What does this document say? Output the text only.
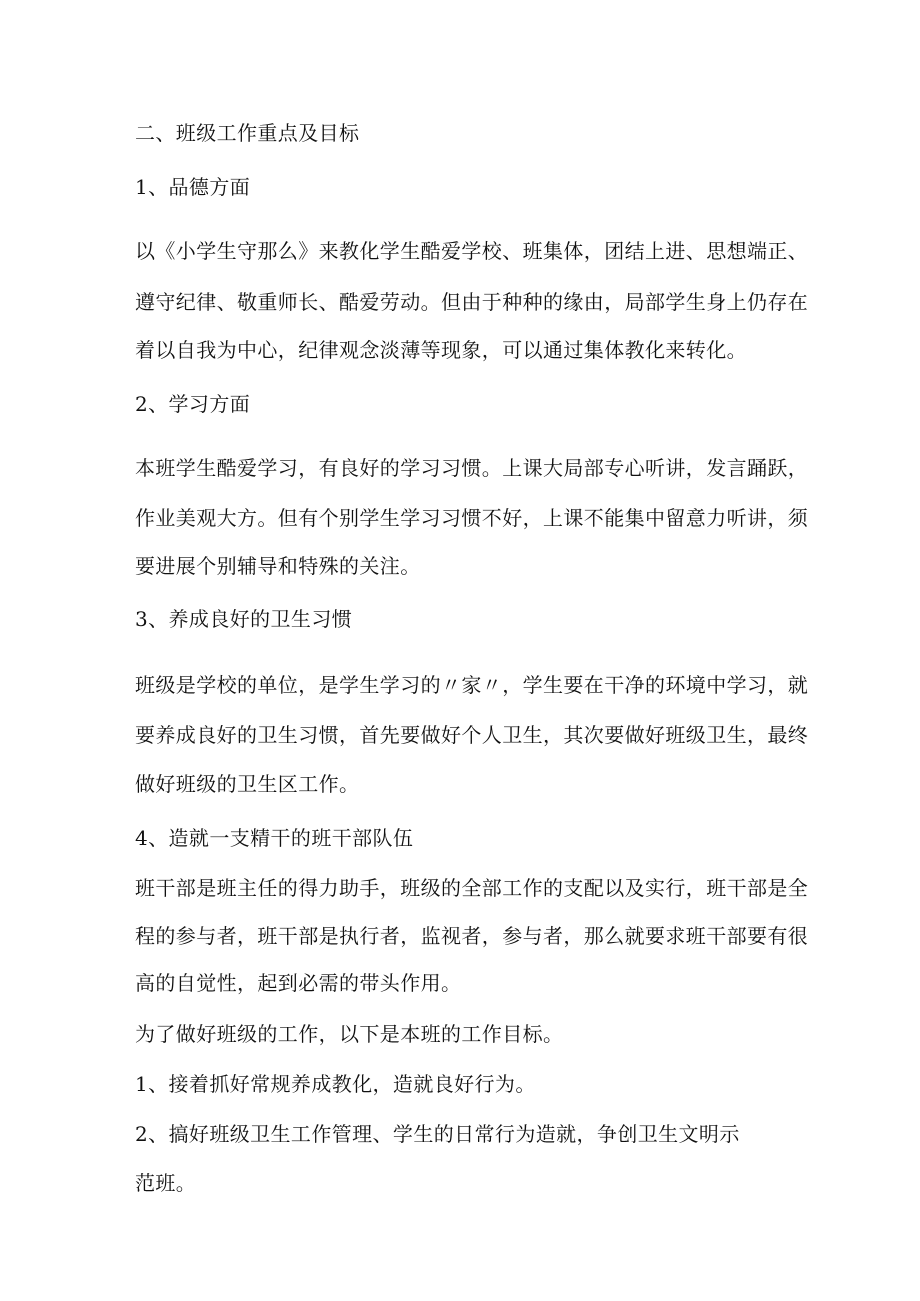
二、班级工作重点及目标
1、品德方面
以《小学生守那么》来教化学生酷爱学校、班集体，团结上进、思想端正、
遵守纪律、敬重师长、酷爱劳动。但由于种种的缘由，局部学生身上仍存在
着以自我为中心，纪律观念淡薄等现象，可以通过集体教化来转化。
2、学习方面
本班学生酷爱学习，有良好的学习习惯。上课大局部专心听讲，发言踊跃，
作业美观大方。但有个别学生学习习惯不好，上课不能集中留意力听讲，须
要进展个别辅导和特殊的关注。
3、养成良好的卫生习惯
班级是学校的单位，是学生学习的〃家〃，学生要在干净的环境中学习，就
要养成良好的卫生习惯，首先要做好个人卫生，其次要做好班级卫生，最终
做好班级的卫生区工作。
4、造就一支精干的班干部队伍
班干部是班主任的得力助手，班级的全部工作的支配以及实行，班干部是全
程的参与者，班干部是执行者，监视者，参与者，那么就要求班干部要有很
高的自觉性，起到必需的带头作用。
为了做好班级的工作，以下是本班的工作目标。
1、接着抓好常规养成教化，造就良好行为。
2、搞好班级卫生工作管理、学生的日常行为造就，争创卫生文明示
范班。
